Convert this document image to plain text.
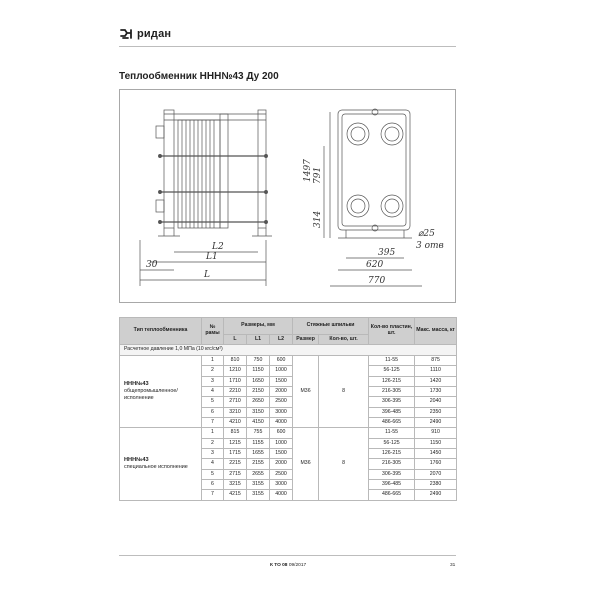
ридан
Теплообменник ННН№43 Ду 200
L2
L1
L
30
1497 791
314
395
620
770
⌀25
3 отв
Тип теплообменника	№ рамы	Размеры, мм			Стяжные шпильки		Кол-во пластин, шт.	Макс. масса, кг
		L	L1	L2	Размер	Кол-во, шт.		
Расчетное давление 1,0 МПа (10 кгс/см²)								
ННН№43
общепромышленное/ исполнение	1	810	750	600	М36	8	11-55	875
	2	1210	1150	1000			56-125	1110
	3	1710	1650	1500			126-215	1420
	4	2210	2150	2000			216-305	1730
	5	2710	2650	2500			306-395	2040
	6	3210	3150	3000			396-485	2350
	7	4210	4150	4000			486-665	2490
ННН№43
специальное исполнение	1	815	755	600	М36	8	11-55	910
	2	1215	1155	1000			56-125	1150
	3	1715	1655	1500			126-215	1450
	4	2215	2155	2000			216-305	1760
	5	2715	2655	2500			306-395	2070
	6	3215	3155	3000			396-485	2380
	7	4215	3155	4000			486-665	2490
К ТО 08 09/2017	31
